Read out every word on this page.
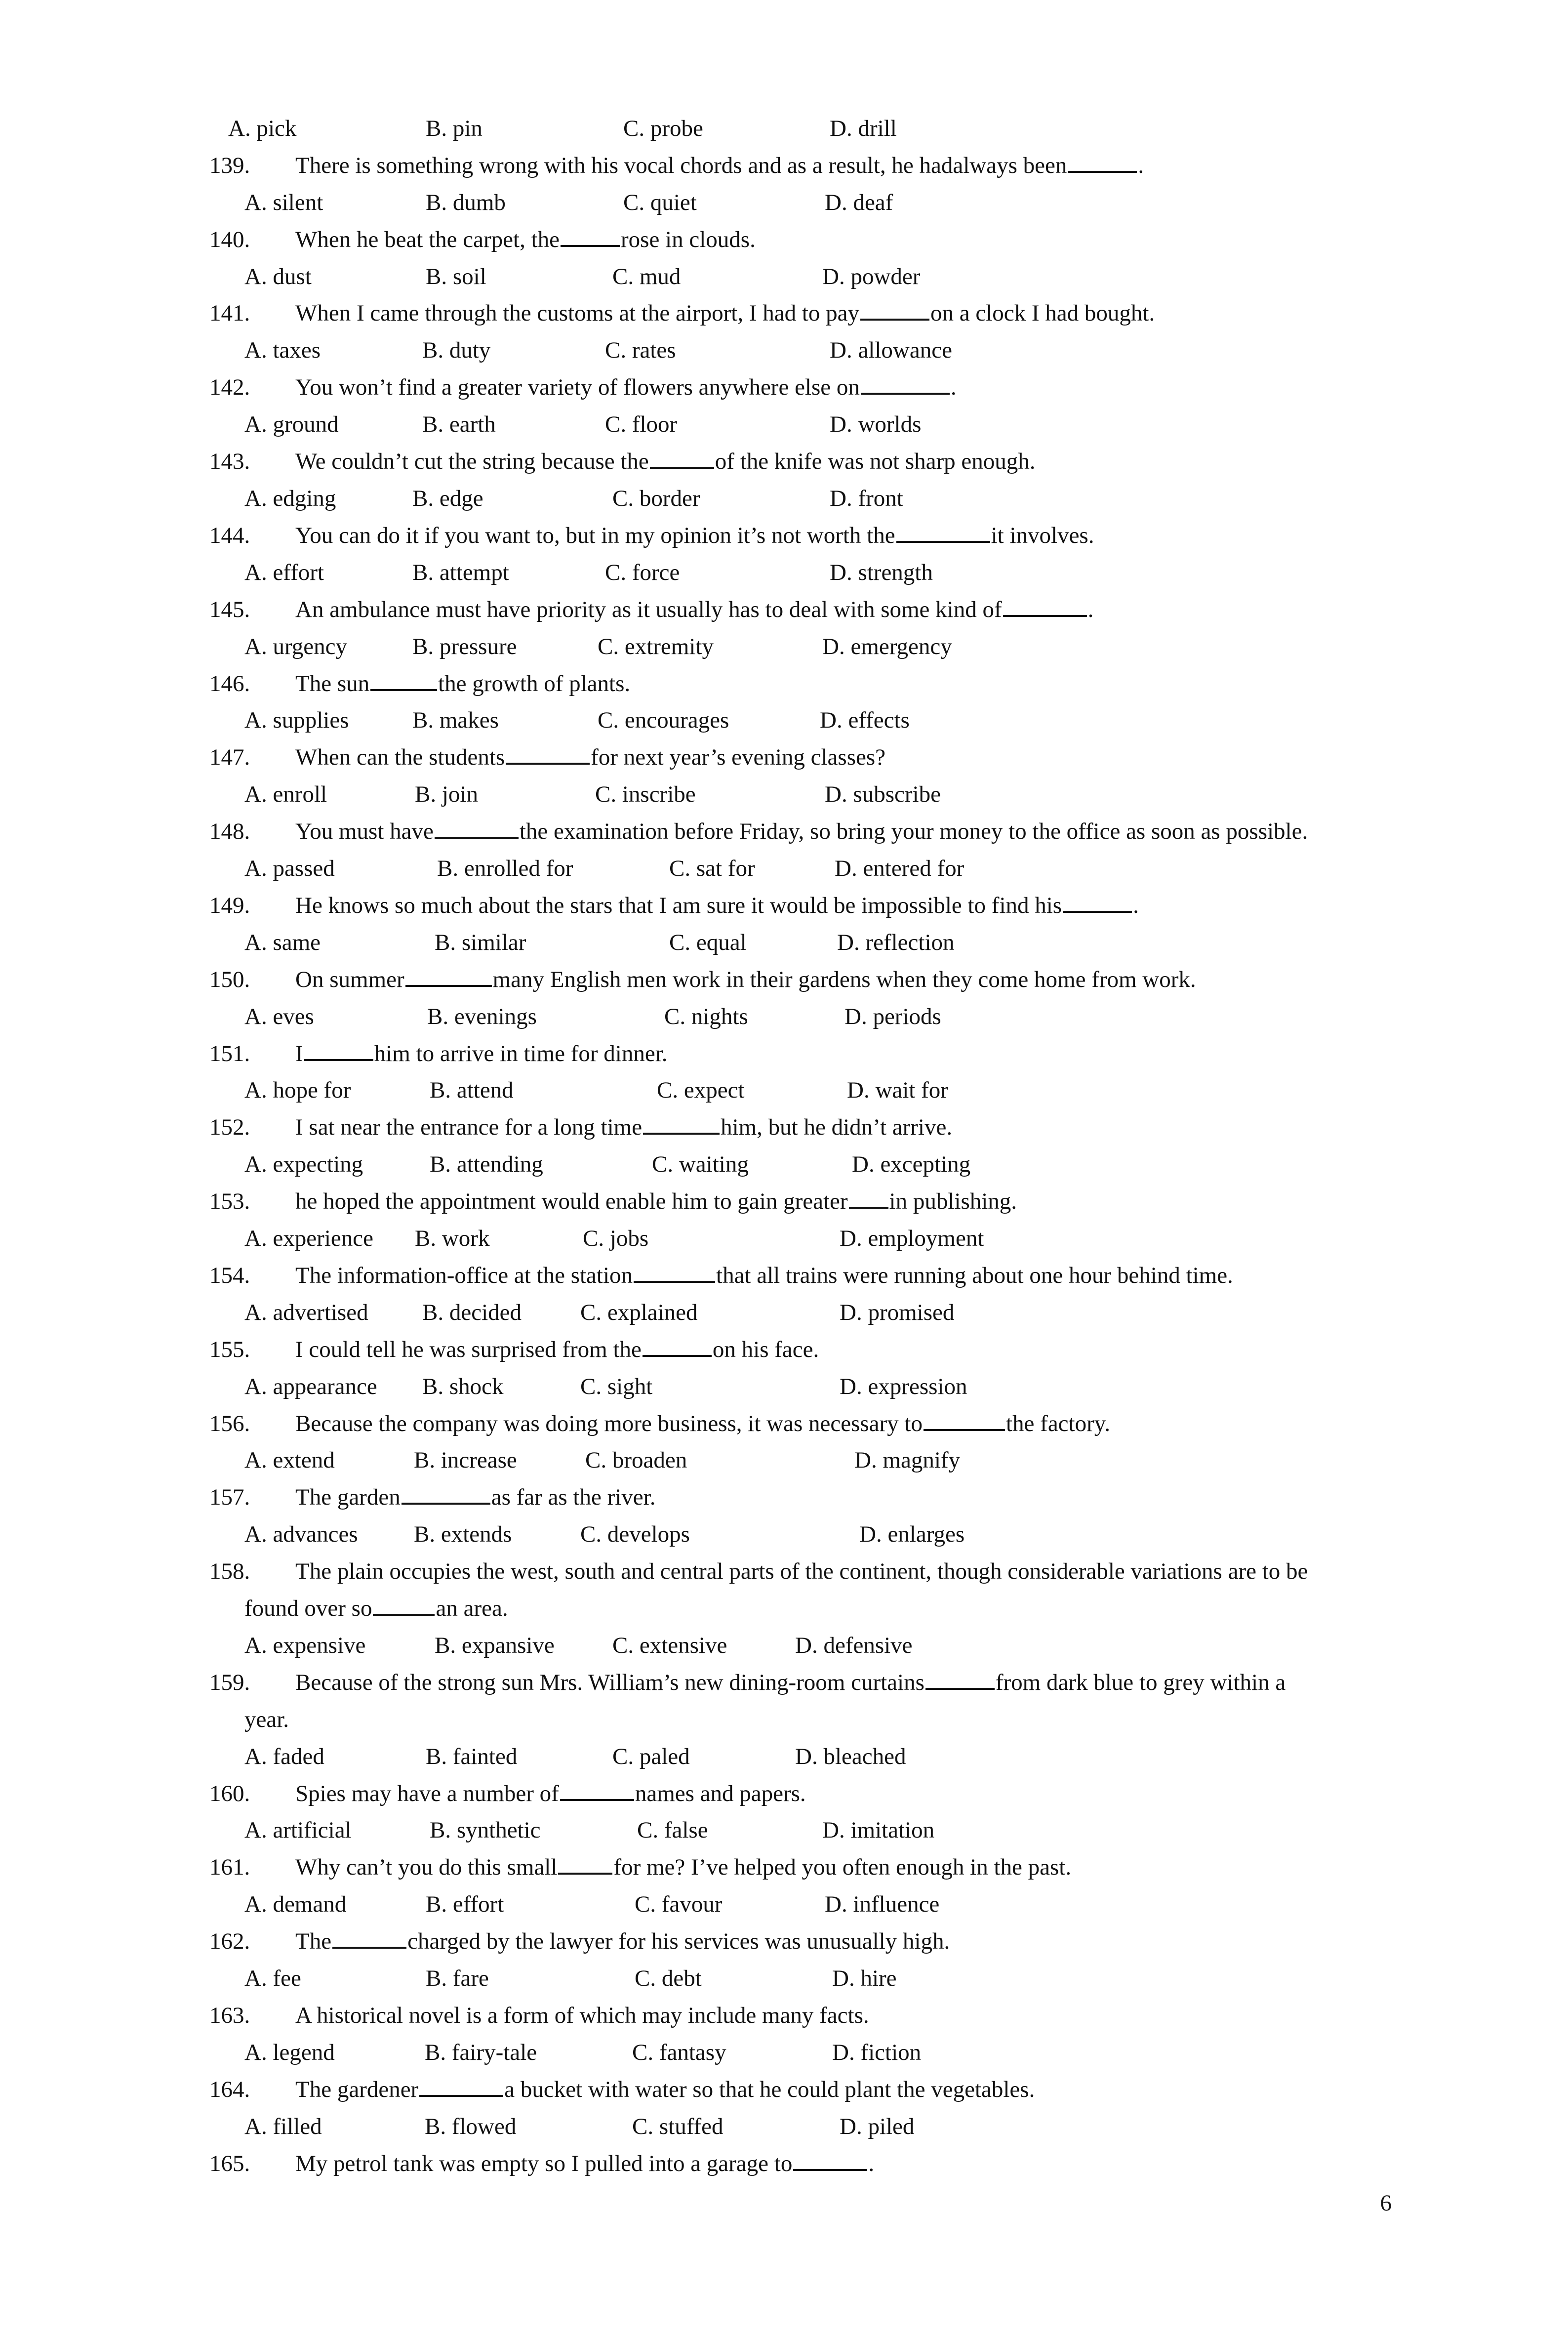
A. pick	B. pin	C. probe	D. drill
139. There is something wrong with his vocal chords and as a result, he hadalways been	.
A. silent	B. dumb	C. quiet	D. deaf
140. When he beat the carpet, the	rose in clouds.
A. dust	B. soil	C. mud	D. powder
141. When I came through the customs at the airport, I had to pay	on a clock I had bought.
A. taxes	B. duty	C. rates	D. allowance
142. You won’t find a greater variety of flowers anywhere else on	.
A. ground	B. earth	C. floor	D. worlds
143. We couldn’t cut the string because the	of the knife was not sharp enough.
A. edging	B. edge	C. border	D. front
144. You can do it if you want to, but in my opinion it’s not worth the	it involves.
A. effort	B. attempt	C. force	D. strength
145. An ambulance must have priority as it usually has to deal with some kind of	.
A. urgency	B. pressure	C. extremity	D. emergency
146. The sun	the growth of plants.
A. supplies	B. makes	C. encourages	D. effects
147. When can the students	for next year’s evening classes?
A. enroll	B. join	C. inscribe	D. subscribe
148. You must have	the examination before Friday, so bring your money to the office as soon as possible.
A. passed	B. enrolled for	C. sat for	D. entered for
149. He knows so much about the stars that I am sure it would be impossible to find his	.
A. same	B. similar	C. equal	D. reflection
150. On summer	many English men work in their gardens when they come home from work.
A. eves	B. evenings	C. nights	D. periods
151. I	him to arrive in time for dinner.
A. hope for	B. attend	C. expect	D. wait for
152. I sat near the entrance for a long time	him, but he didn’t arrive.
A. expecting	B. attending	C. waiting	D. excepting
153. he hoped the appointment would enable him to gain greater in publishing.
A. experience B. work	C. jobs	D. employment
154. The information-office at the station	that all trains were running about one hour behind time.
A. advertised B. decided	C. explained	D. promised
155. I could tell he was surprised from the	on his face.
A. appearance B. shock	C. sight	D. expression
156. Because the company was doing more business, it was necessary to	the factory.
A. extend	B. increase	C. broaden	D. magnify
157. The garden	as far as the river.
A. advances B. extends	C. develops	D. enlarges
158. The plain occupies the west, south and central parts of the continent, though considerable variations are to be
found over so	an area.
A. expensive	B. expansive C. extensive	D. defensive
159. Because of the strong sun Mrs. William’s new dining-room curtains	from dark blue to grey within a
year.
A. faded	B. fainted	C. paled	D. bleached
160. Spies may have a number of	names and papers.
A. artificial	B. synthetic	C. false	D. imitation
161. Why can’t you do this small for me? I’ve helped you often enough in the past.
A. demand	B. effort	C. favour	D. influence
162. The	charged by the lawyer for his services was unusually high.
A. fee	B. fare	C. debt	D. hire
163. A historical novel is a form of which may include many facts.
A. legend	B. fairy-tale	C. fantasy	D. fiction
164. The gardener	a bucket with water so that he could plant the vegetables.
A. filled	B. flowed	C. stuffed	D. piled
165. My petrol tank was empty so I pulled into a garage to	.
6
